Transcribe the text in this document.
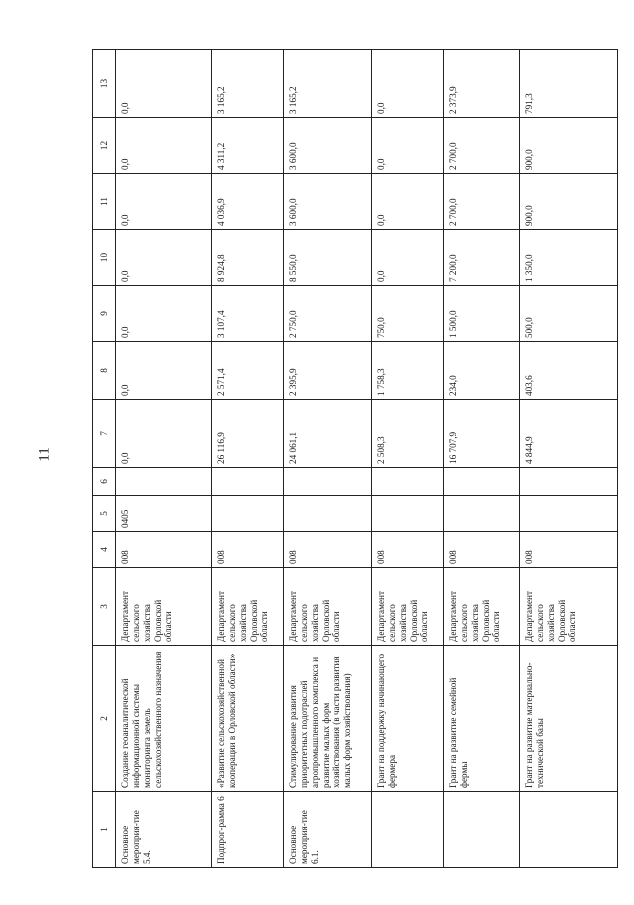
11
1	2	3	4	5	6	7	8	9	10	11	12	13
Основное мероприя-тие 5.4.	Создание геоаналитической информационной системы мониторинга земель сельскохозяйственного назначения	Департамент сельского хозяйства Орловской области	008	0405		0,0	0,0	0,0	0,0	0,0	0,0	0,0
Подпрог-рамма 6	«Развитие сельскохозяйственной кооперации в Орловской области»	Департамент сельского хозяйства Орловской области	008			26 116,9	2 571,4	3 107,4	8 924,8	4 036,9	4 311,2	3 165,2
Основное мероприя-тие 6.1.	Стимулирование развития приоритетных подотраслей агропромышленного комплекса и развитие малых форм хозяйствования (в части развития малых форм хозяйствования)	Департамент сельского хозяйства Орловской области	008			24 061,1	2 395,9	2 750,0	8 550,0	3 600,0	3 600,0	3 165,2
	Грант на поддержку начинающего фермера	Департамент сельского хозяйства Орловской области	008			2 508,3	1 758,3	750,0	0,0	0,0	0,0	0,0
	Грант на развитие семейной фермы	Департамент сельского хозяйства Орловской области	008			16 707,9	234,0	1 500,0	7 200,0	2 700,0	2 700,0	2 373,9
	Грант на развитие материально-технической базы	Департамент сельского хозяйства Орловской области	008			4 844,9	403,6	500,0	1 350,0	900,0	900,0	791,3
